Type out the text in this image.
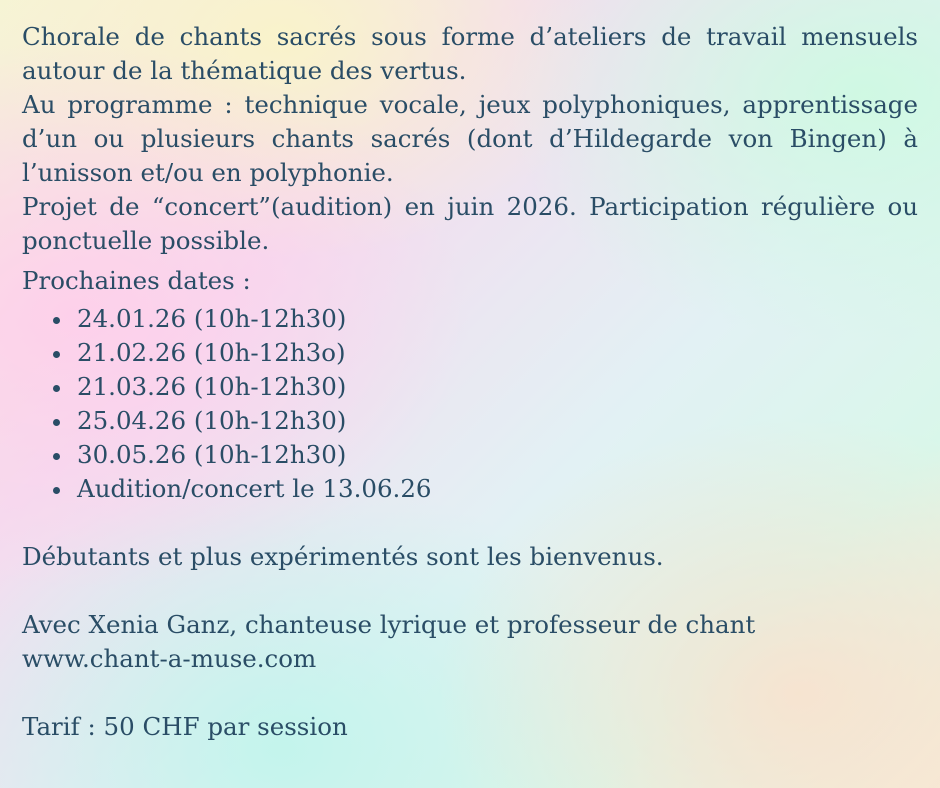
Chorale de chants sacrés sous forme d’ateliers de travail mensuels autour de la thématique des vertus.

Au programme : technique vocale, jeux polyphoniques, apprentissage d’un ou plusieurs chants sacrés (dont d’Hildegarde von Bingen) à l’unisson et/ou en polyphonie.

Projet de “concert”(audition) en juin 2026. Participation régulière ou ponctuelle possible.

Prochaines dates :

24.01.26 (10h-12h30)
21.02.26 (10h-12h3o)
21.03.26 (10h-12h30)
25.04.26 (10h-12h30)
30.05.26 (10h-12h30)
Audition/concert le 13.06.26

Débutants et plus expérimentés sont les bienvenus.

Avec Xenia Ganz, chanteuse lyrique et professeur de chant

www.chant-a-muse.com

Tarif : 50 CHF par session
